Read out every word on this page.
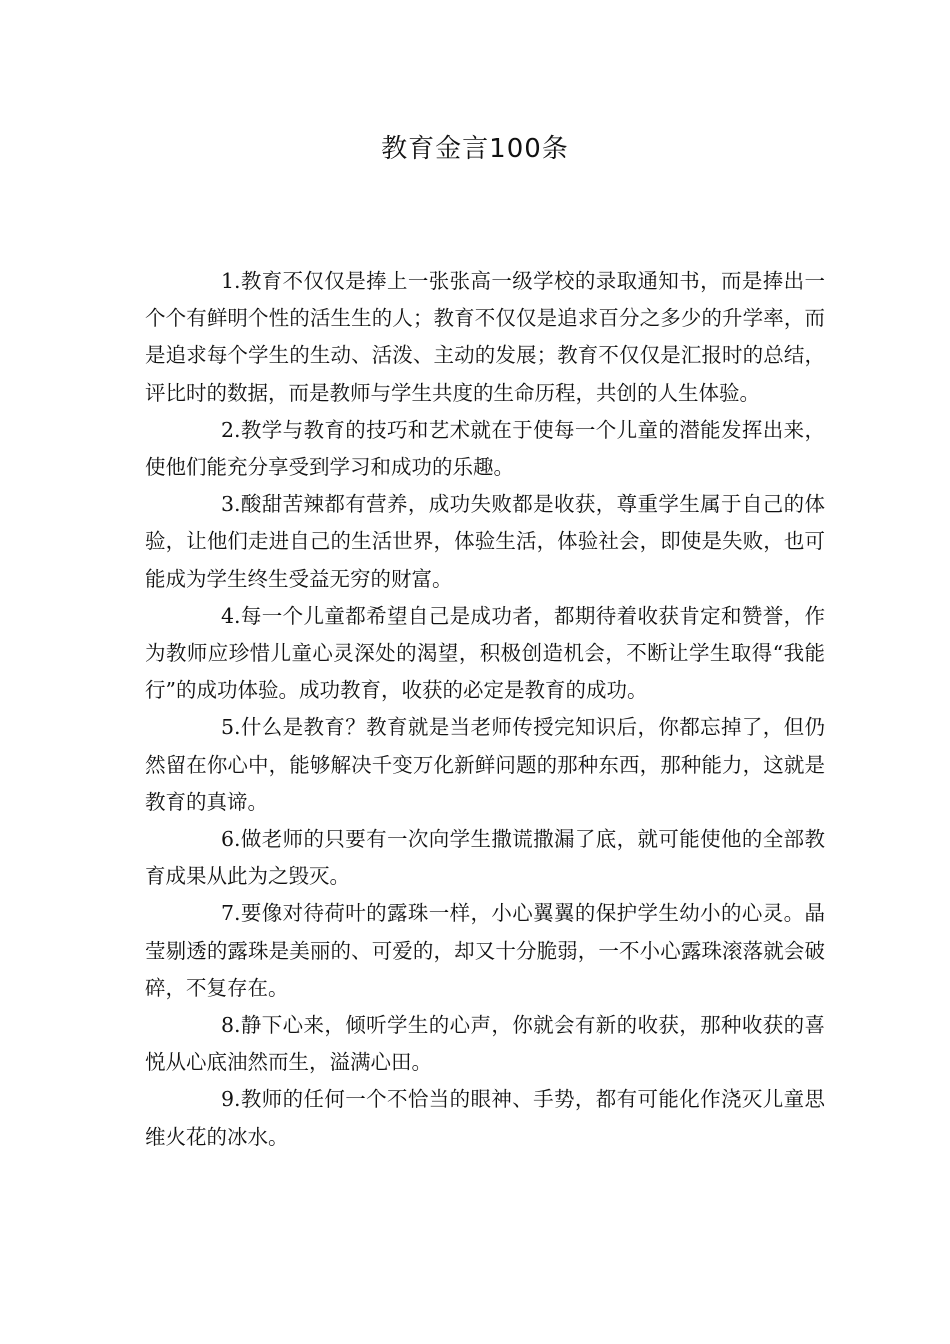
教育金言100条

1.教育不仅仅是捧上一张张高一级学校的录取通知书，而是捧出一个个有鲜明个性的活生生的人；教育不仅仅是追求百分之多少的升学率，而是追求每个学生的生动、活泼、主动的发展；教育不仅仅是汇报时的总结，评比时的数据，而是教师与学生共度的生命历程，共创的人生体验。

2.教学与教育的技巧和艺术就在于使每一个儿童的潜能发挥出来，使他们能充分享受到学习和成功的乐趣。

3.酸甜苦辣都有营养，成功失败都是收获，尊重学生属于自己的体验，让他们走进自己的生活世界，体验生活，体验社会，即使是失败，也可能成为学生终生受益无穷的财富。

4.每一个儿童都希望自己是成功者，都期待着收获肯定和赞誉，作为教师应珍惜儿童心灵深处的渴望，积极创造机会，不断让学生取得“我能行”的成功体验。成功教育，收获的必定是教育的成功。

5.什么是教育？教育就是当老师传授完知识后，你都忘掉了，但仍然留在你心中，能够解决千变万化新鲜问题的那种东西，那种能力，这就是教育的真谛。

6.做老师的只要有一次向学生撒谎撒漏了底，就可能使他的全部教育成果从此为之毁灭。

7.要像对待荷叶的露珠一样，小心翼翼的保护学生幼小的心灵。晶莹剔透的露珠是美丽的、可爱的，却又十分脆弱，一不小心露珠滚落就会破碎，不复存在。

8.静下心来，倾听学生的心声，你就会有新的收获，那种收获的喜悦从心底油然而生，溢满心田。

9.教师的任何一个不恰当的眼神、手势，都有可能化作浇灭儿童思维火花的冰水。
